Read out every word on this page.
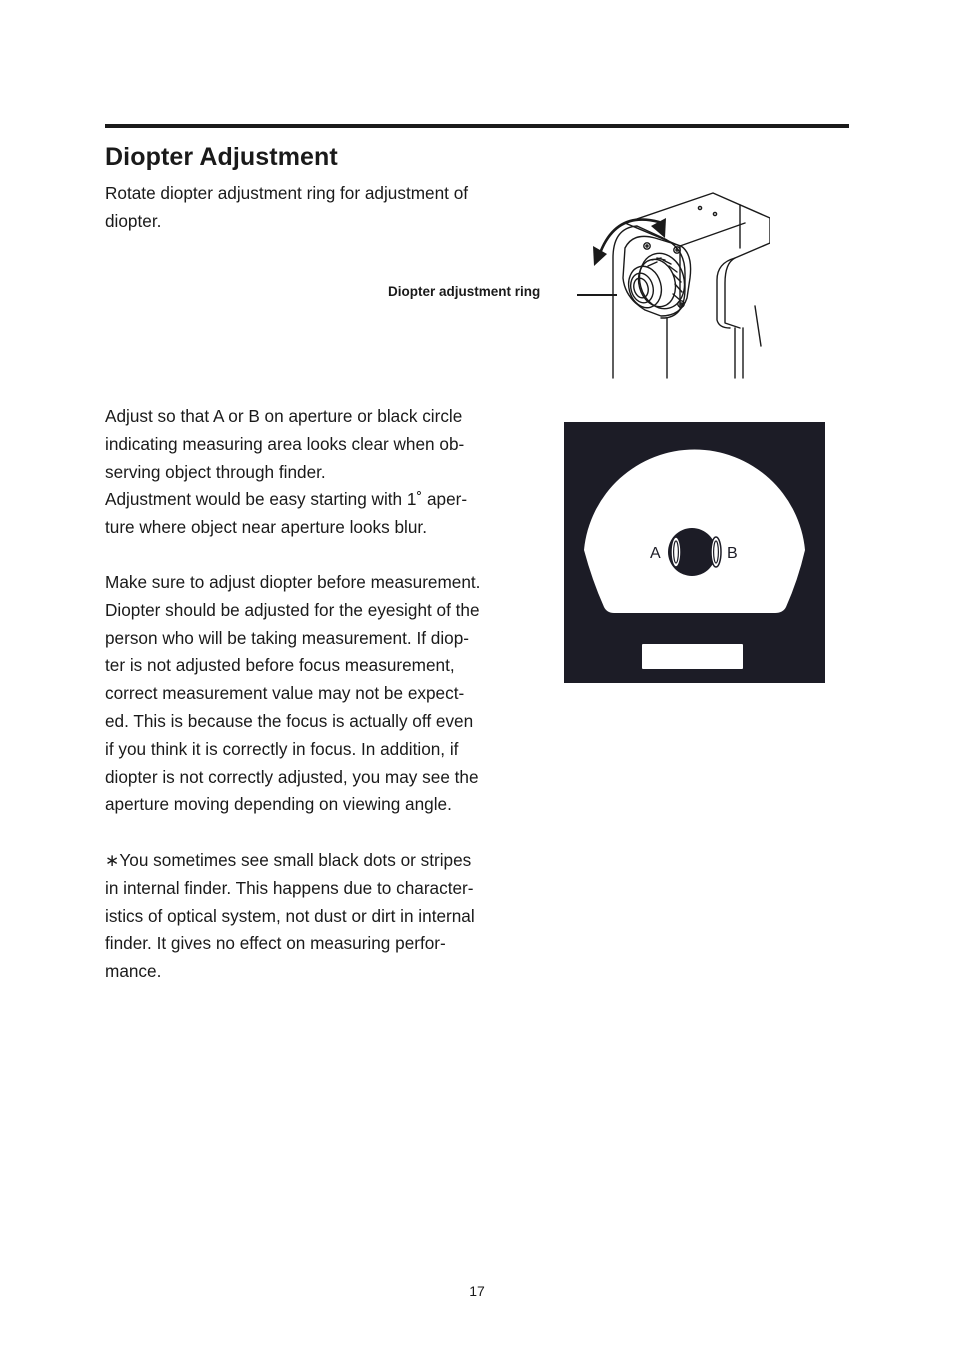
Diopter Adjustment

Rotate diopter adjustment ring for adjustment of
diopter.

Diopter adjustment ring

Adjust so that A or B on aperture or black circle
indicating measuring area looks clear when ob-
serving object through finder.
Adjustment would be easy starting with 1˚ aper-
ture where object near aperture looks blur.

A	B

Make sure to adjust diopter before measurement.
Diopter should be adjusted for the eyesight of the
person who will be taking measurement. If diop-
ter is not adjusted before focus measurement,
correct measurement value may not be expect-
ed. This is because the focus is actually off even
if you think it is correctly in focus. In addition, if
diopter is not correctly adjusted, you may see the
aperture moving depending on viewing angle.

∗You sometimes see small black dots or stripes
in internal finder. This happens due to character-
istics of optical system, not dust or dirt in internal
finder. It gives no effect on measuring perfor-
mance.

17
